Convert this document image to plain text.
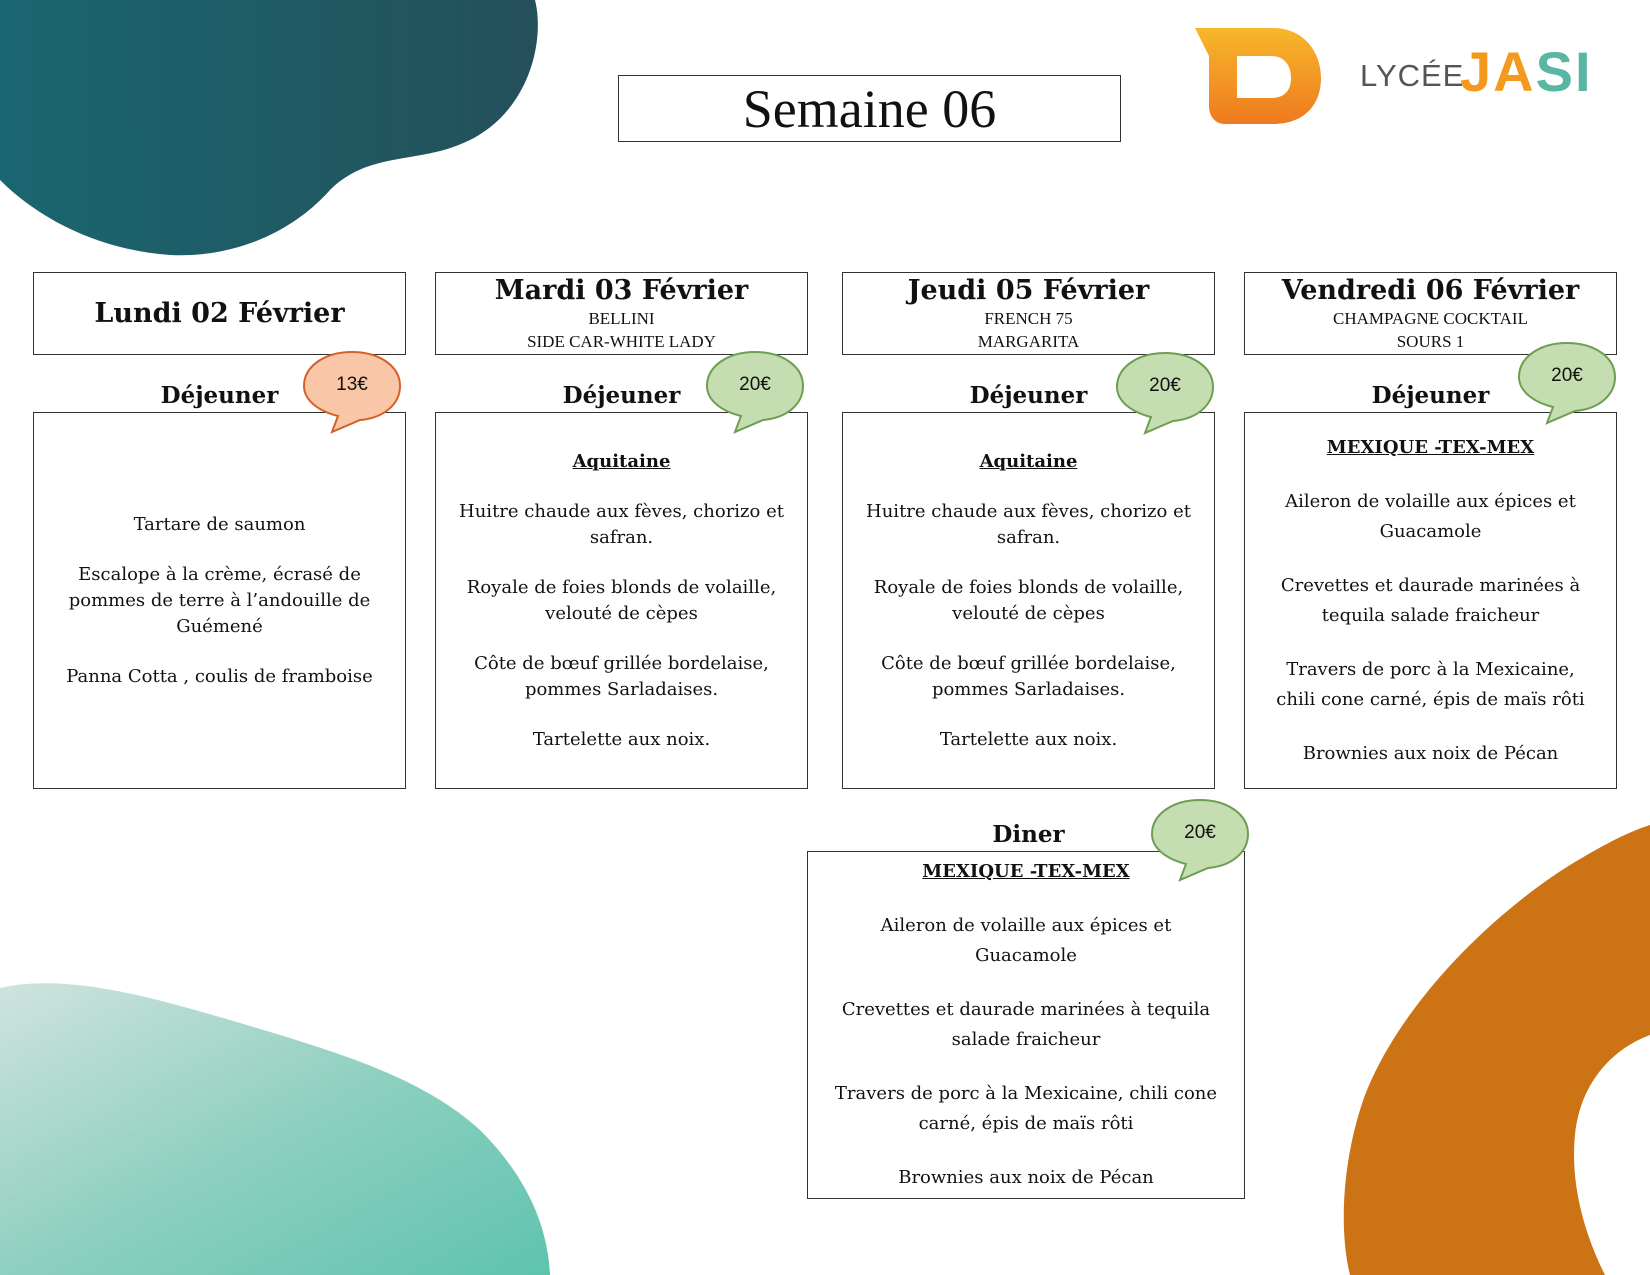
LYCÉE
JASI
Semaine 06
Lundi 02 Février
Mardi 03 Février
BELLINI
SIDE CAR-WHITE LADY
Jeudi 05 Février
FRENCH 75
MARGARITA
Vendredi 06 Février
CHAMPAGNE COCKTAIL
SOURS 1
Déjeuner	Déjeuner	Déjeuner	Déjeuner

Tartare de saumon

Escalope à la crème, écrasé de pommes de terre à l’andouille de Guémené

Panna Cotta , coulis de framboise

Aquitaine

Huitre chaude aux fèves, chorizo et safran.

Royale de foies blonds de volaille, velouté de cèpes

Côte de bœuf grillée bordelaise, pommes Sarladaises.

Tartelette aux noix.

Aquitaine

Huitre chaude aux fèves, chorizo et safran.

Royale de foies blonds de volaille, velouté de cèpes

Côte de bœuf grillée bordelaise, pommes Sarladaises.

Tartelette aux noix.

MEXIQUE -TEX-MEX

Aileron de volaille aux épices et Guacamole

Crevettes et daurade marinées à tequila salade fraicheur

Travers de porc à la Mexicaine, chili cone carné, épis de maïs rôti

Brownies aux noix de Pécan

Diner

MEXIQUE -TEX-MEX

Aileron de volaille aux épices et Guacamole

Crevettes et daurade marinées à tequila salade fraicheur

Travers de porc à la Mexicaine, chili cone carné, épis de maïs rôti

Brownies aux noix de Pécan

13€	20€	20€	20€
20€
